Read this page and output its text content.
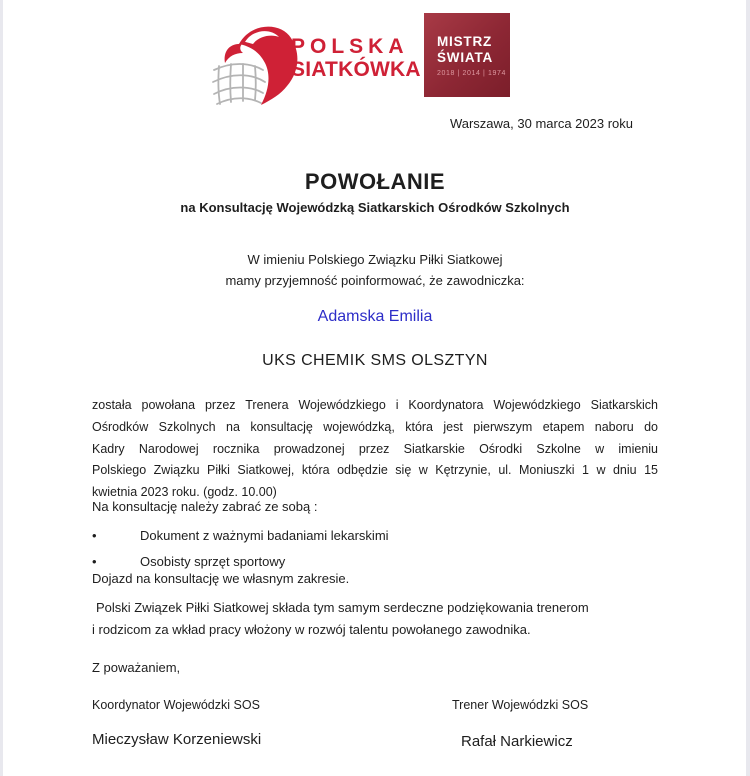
POLSKA
SIATKÓWKA
MISTRZ
ŚWIATA
2018 | 2014 | 1974
Warszawa, 30 marca 2023 roku
POWOŁANIE
na Konsultację Wojewódzką Siatkarskich Ośrodków Szkolnych
W imieniu Polskiego Związku Piłki Siatkowej
mamy przyjemność poinformować, że zawodniczka:
Adamska Emilia
UKS CHEMIK SMS OLSZTYN
została powołana przez Trenera Wojewódzkiego i Koordynatora Wojewódzkiego Siatkarskich
Ośrodków Szkolnych na konsultację wojewódzką, która jest pierwszym etapem naboru do
Kadry Narodowej rocznika prowadzonej przez Siatkarskie Ośrodki Szkolne w imieniu
Polskiego Związku Piłki Siatkowej, która odbędzie się w Kętrzynie, ul. Moniuszki 1 w dniu 15
kwietnia 2023 roku. (godz. 10.00)
Na konsultację należy zabrać ze sobą :
•	Dokument z ważnymi badaniami lekarskimi
•	Osobisty sprzęt sportowy
Dojazd na konsultację we własnym zakresie.
Polski Związek Piłki Siatkowej składa tym samym serdeczne podziękowania trenerom
i rodzicom za wkład pracy włożony w rozwój talentu powołanego zawodnika.
Z poważaniem,
Koordynator Wojewódzki SOS	Trener Wojewódzki SOS
Mieczysław Korzeniewski	Rafał Narkiewicz
